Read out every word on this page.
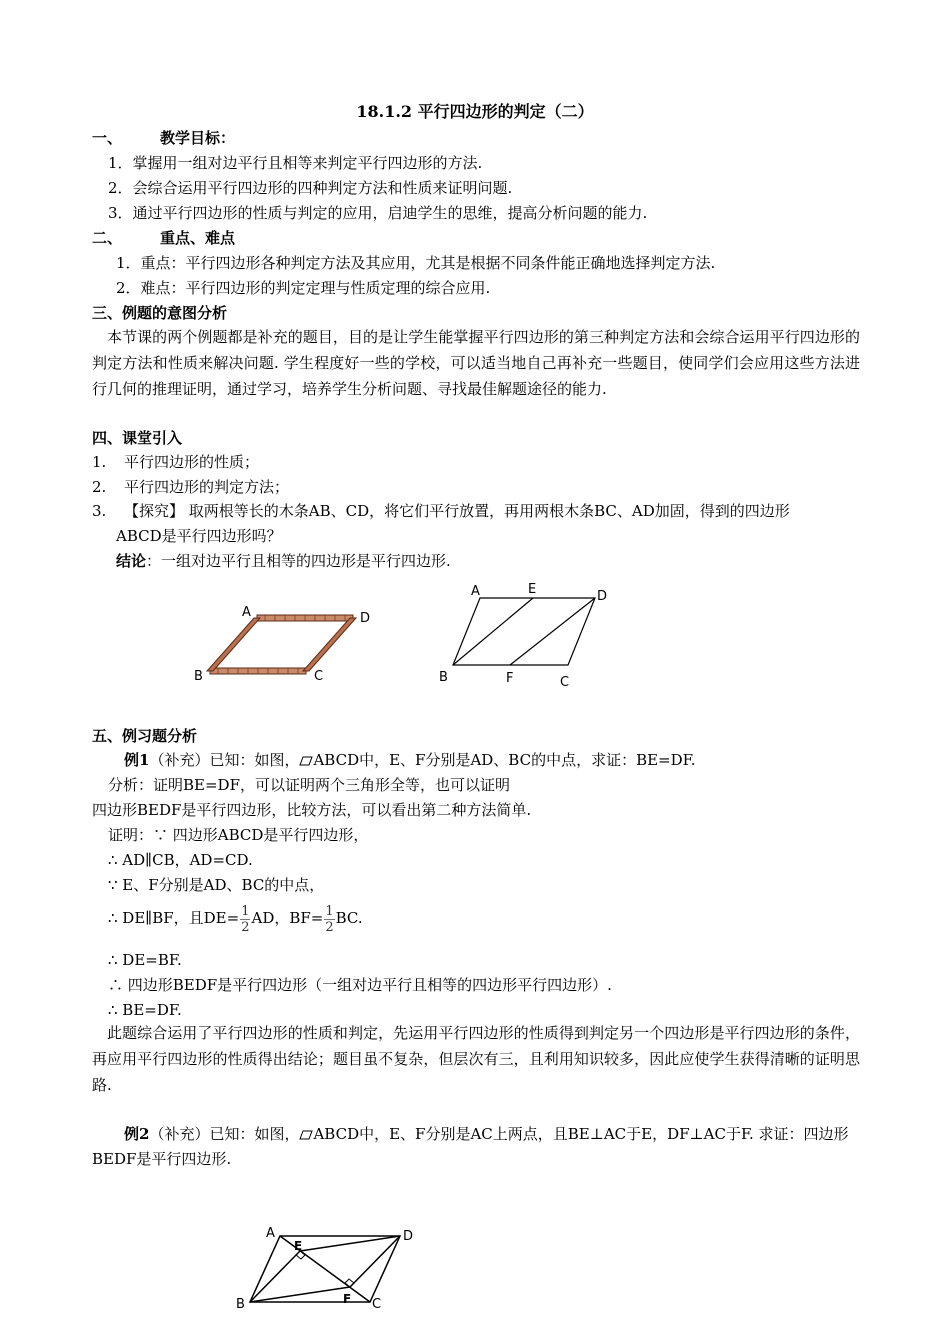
18.1.2 平行四边形的判定（二）
一、	教学目标：
1．掌握用一组对边平行且相等来判定平行四边形的方法.
2．会综合运用平行四边形的四种判定方法和性质来证明问题.
3．通过平行四边形的性质与判定的应用，启迪学生的思维，提高分析问题的能力.
二、	重点、难点
1．重点：平行四边形各种判定方法及其应用，尤其是根据不同条件能正确地选择判定方法.
2．难点：平行四边形的判定定理与性质定理的综合应用.
三、例题的意图分析
本节课的两个例题都是补充的题目，目的是让学生能掌握平行四边形的第三种判定方法和会综合运用平行四边形的判定方法和性质来解决问题. 学生程度好一些的学校，可以适当地自己再补充一些题目，使同学们会应用这些方法进行几何的推理证明，通过学习，培养学生分析问题、寻找最佳解题途径的能力.
四、课堂引入
1. 平行四边形的性质；
2. 平行四边形的判定方法；
3. 【探究】 取两根等长的木条AB、CD，将它们平行放置，再用两根木条BC、AD加固，得到的四边形
ABCD是平行四边形吗？
结论：一组对边平行且相等的四边形是平行四边形.
A	D
B	C
A	E	D
B	F	C
五、例习题分析
例1（补充）已知：如图， ABCD中，E、F分别是AD、BC的中点，求证：BE=DF.
分析：证明BE=DF，可以证明两个三角形全等，也可以证明
四边形BEDF是平行四边形，比较方法，可以看出第二种方法简单.
证明：∵ 四边形ABCD是平行四边形，
∴ AD∥CB，AD=CD.
∵ E、F分别是AD、BC的中点，
∴ DE∥BF，且$DE= \frac{1}{2}$ AD，$BF= \frac{1}{2}$ BC.
∴ DE=BF.
∴ 四边形BEDF是平行四边形（一组对边平行且相等的四边形平行四边形）.
∴ BE=DF.
此题综合运用了平行四边形的性质和判定，先运用平行四边形的性质得到判定另一个四边形是平行四边形的条件，再应用平行四边形的性质得出结论；题目虽不复杂，但层次有三，且利用知识较多，因此应使学生获得清晰的证明思路.
例2（补充）已知：如图， ABCD中，E、F分别是AC上两点，且BE⊥AC于E，DF⊥AC于F. 求证：四边形
BEDF是平行四边形.
A
E
D
B	F C
